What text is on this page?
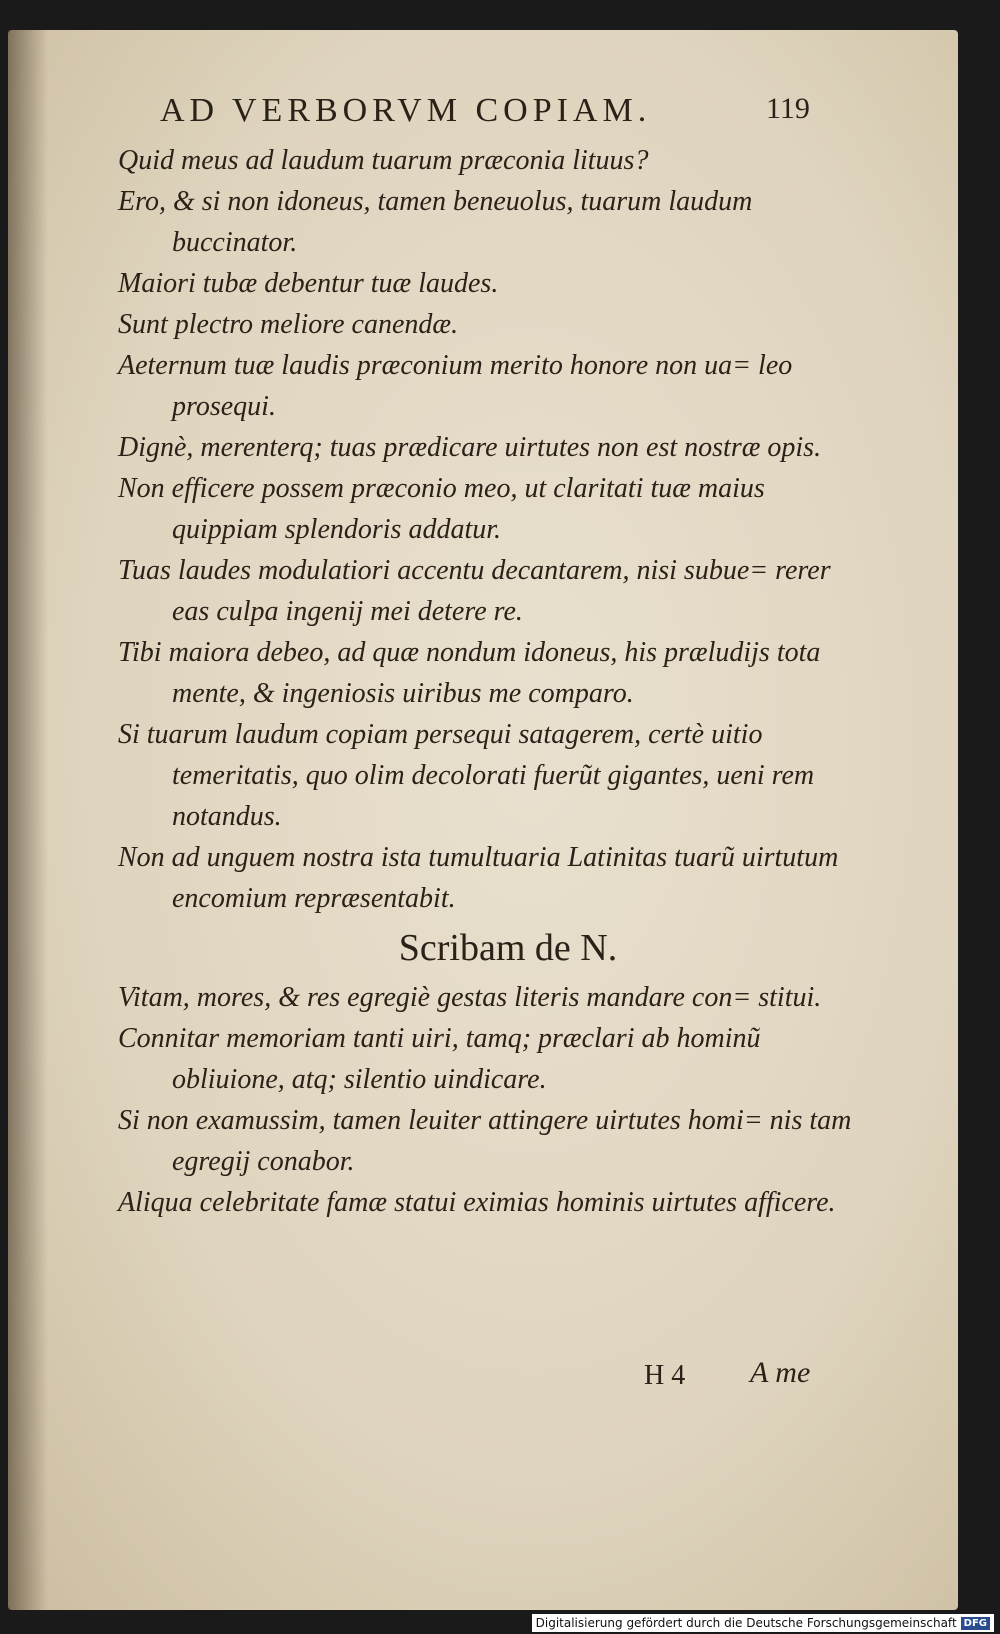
AD VERBORVM COPIAM.	119

Quid meus ad laudum tuarum præconia lituus?

Ero, & si non idoneus, tamen beneuolus, tuarum laudum buccinator.

Maiori tubæ debentur tuæ laudes.

Sunt plectro meliore canendæ.

Aeternum tuæ laudis præconium merito honore non ua= leo prosequi.

Dignè, merenterq; tuas prædicare uirtutes non est nostræ opis.

Non efficere possem præconio meo, ut claritati tuæ maius quippiam splendoris addatur.

Tuas laudes modulatiori accentu decantarem, nisi subue= rerer eas culpa ingenij mei detere re.

Tibi maiora debeo, ad quæ nondum idoneus, his præludijs tota mente, & ingeniosis uiribus me comparo.

Si tuarum laudum copiam persequi satagerem, certè uitio temeritatis, quo olim decolorati fuerũt gigantes, ueni rem notandus.

Non ad unguem nostra ista tumultuaria Latinitas tuarũ uirtutum encomium repræsentabit.

Scribam de N.

Vitam, mores, & res egregiè gestas literis mandare con= stitui.

Connitar memoriam tanti uiri, tamq; præclari ab hominũ obliuione, atq; silentio uindicare.

Si non examussim, tamen leuiter attingere uirtutes homi= nis tam egregij conabor.

Aliqua celebritate famæ statui eximias hominis uirtutes afficere.

H 4 A me
Digitalisierung gefördert durch die Deutsche Forschungsgemeinschaft DFG
